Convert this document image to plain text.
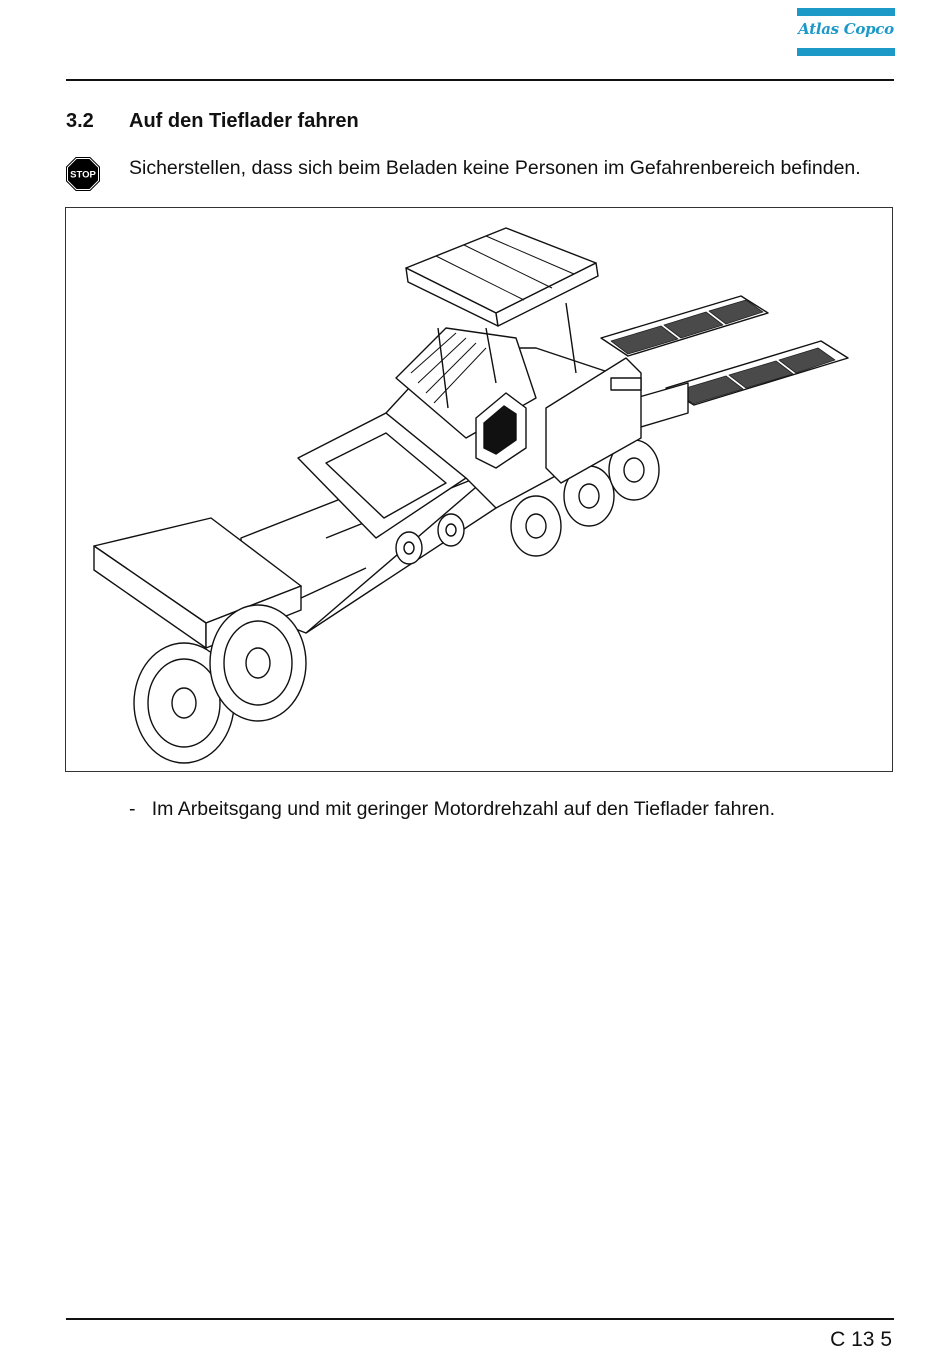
Atlas Copco
3.2 Auf den Tieflader fahren
STOP Sicherstellen, dass sich beim Beladen keine Personen im Gefahrenbereich befinden.
- Im Arbeitsgang und mit geringer Motordrehzahl auf den Tieflader fahren.
C 13 5
